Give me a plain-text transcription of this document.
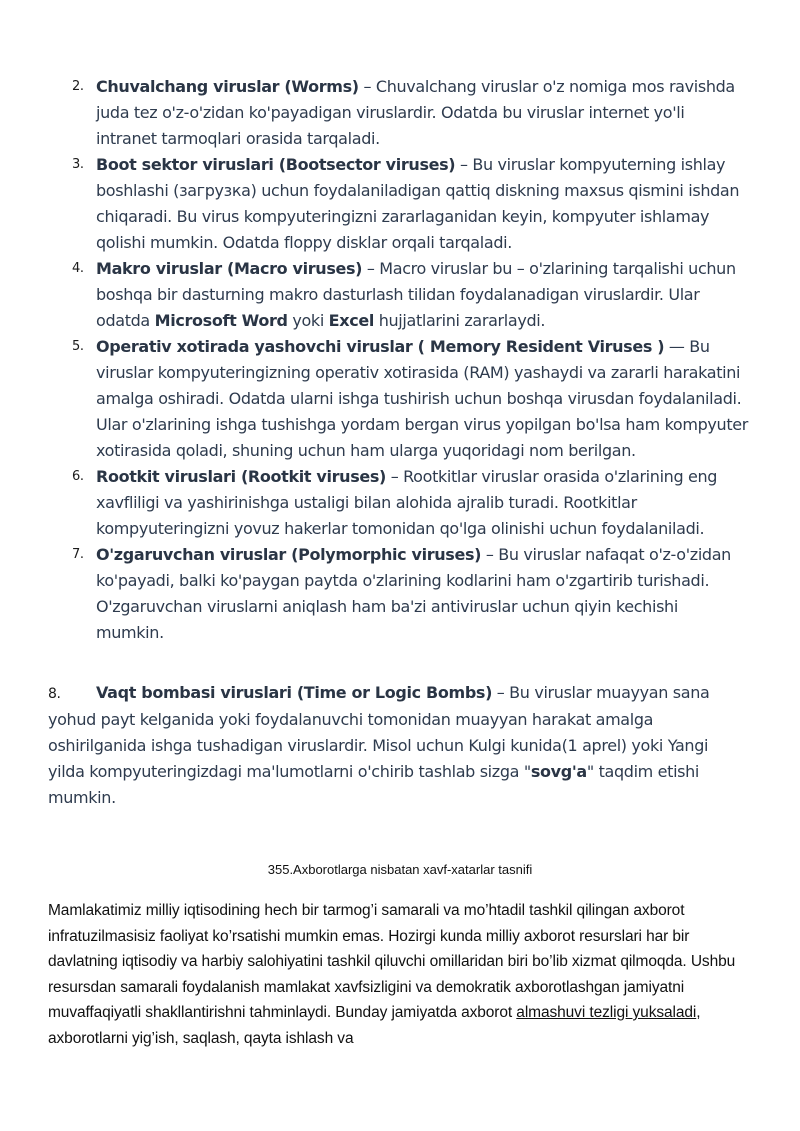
2. Chuvalchang viruslar (Worms) – Chuvalchang viruslar o'z nomiga mos ravishda juda tez o'z-o'zidan ko'payadigan viruslardir. Odatda bu viruslar internet yo'li intranet tarmoqlari orasida tarqaladi.
3. Boot sektor viruslari (Bootsector viruses) – Bu viruslar kompyuterning ishlay boshlashi (загрузка) uchun foydalaniladigan qattiq diskning maxsus qismini ishdan chiqaradi. Bu virus kompyuteringizni zararlaganidan keyin, kompyuter ishlamay qolishi mumkin. Odatda floppy disklar orqali tarqaladi.
4. Makro viruslar (Macro viruses) – Macro viruslar bu – o'zlarining tarqalishi uchun boshqa bir dasturning makro dasturlash tilidan foydalanadigan viruslardir. Ular odatda Microsoft Word yoki Excel hujjatlarini zararlaydi.
5. Operativ xotirada yashovchi viruslar ( Memory Resident Viruses ) — Bu viruslar kompyuteringizning operativ xotirasida (RAM) yashaydi va zararli harakatini amalga oshiradi. Odatda ularni ishga tushirish uchun boshqa virusdan foydalaniladi. Ular o'zlarining ishga tushishga yordam bergan virus yopilgan bo'lsa ham kompyuter xotirasida qoladi, shuning uchun ham ularga yuqoridagi nom berilgan.
6. Rootkit viruslari (Rootkit viruses) – Rootkitlar viruslar orasida o'zlarining eng xavfliligi va yashirinishga ustaligi bilan alohida ajralib turadi. Rootkitlar kompyuteringizni yovuz hakerlar tomonidan qo'lga olinishi uchun foydalaniladi.
7. O'zgaruvchan viruslar (Polymorphic viruses) – Bu viruslar nafaqat o'z-o'zidan ko'payadi, balki ko'paygan paytda o'zlarining kodlarini ham o'zgartirib turishadi. O'zgaruvchan viruslarni aniqlash ham ba'zi antiviruslar uchun qiyin kechishi mumkin.
8. Vaqt bombasi viruslari (Time or Logic Bombs) – Bu viruslar muayyan sana yohud payt kelganida yoki foydalanuvchi tomonidan muayyan harakat amalga oshirilganida ishga tushadigan viruslardir. Misol uchun Kulgi kunida(1 aprel) yoki Yangi yilda kompyuteringizdagi ma'lumotlarni o'chirib tashlab sizga "sovg'a" taqdim etishi mumkin.
355.Axborotlarga nisbatan xavf-xatarlar tasnifi
Mamlakatimiz milliy iqtisodining hech bir tarmog’i samarali va mo’htadil tashkil qilingan axborot infratuzilmasisiz faoliyat ko’rsatishi mumkin emas. Hozirgi kunda milliy axborot resurslari har bir davlatning iqtisodiy va harbiy salohiyatini tashkil qiluvchi omillaridan biri bo’lib xizmat qilmoqda. Ushbu resursdan samarali foydalanish mamlakat xavfsizligini va demokratik axborotlashgan jamiyatni muvaffaqiyatli shakllantirishni tahminlaydi. Bunday jamiyatda axborot almashuvi tezligi yuksaladi, axborotlarni yig’ish, saqlash, qayta ishlash va
